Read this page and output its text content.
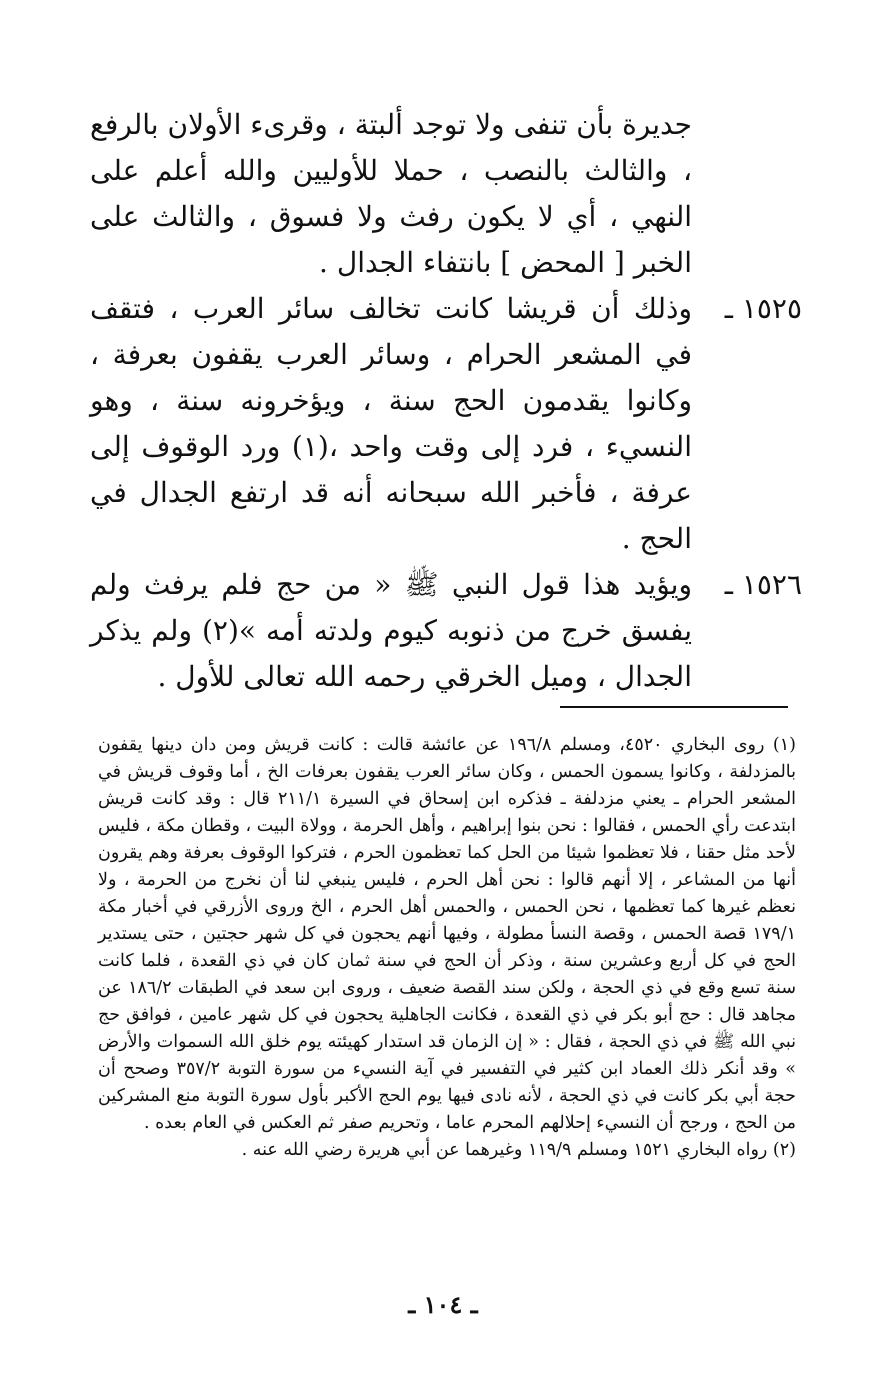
جديرة بأن تنفى ولا توجد ألبتة ، وقرىء الأولان بالرفع ، والثالث بالنصب ، حملا للأوليين والله أعلم على النهي ، أي لا يكون رفث ولا فسوق ، والثالث على الخبر [ المحض ] بانتفاء الجدال .

١٥٢٥ ـ
وذلك أن قريشا كانت تخالف سائر العرب ، فتقف في المشعر الحرام ، وسائر العرب يقفون بعرفة ، وكانوا يقدمون الحج سنة ، ويؤخرونه سنة ، وهو النسيء ، فرد إلى وقت واحد ،(١) ورد الوقوف إلى عرفة ، فأخبر الله سبحانه أنه قد ارتفع الجدال في الحج .
١٥٢٦ ـ
ويؤيد هذا قول النبي ﷺ « من حج فلم يرفث ولم يفسق خرج من ذنوبه كيوم ولدته أمه »(٢) ولم يذكر الجدال ، وميل الخرقي رحمه الله تعالى للأول .

(١) روى البخاري ٤٥٢٠، ومسلم ١٩٦/٨ عن عائشة قالت : كانت قريش ومن دان دينها يقفون بالمزدلفة ، وكانوا يسمون الحمس ، وكان سائر العرب يقفون بعرفات الخ ، أما وقوف قريش في المشعر الحرام ـ يعني مزدلفة ـ فذكره ابن إسحاق في السيرة ٢١١/١ قال : وقد كانت قريش ابتدعت رأي الحمس ، فقالوا : نحن بنوا إبراهيم ، وأهل الحرمة ، وولاة البيت ، وقطان مكة ، فليس لأحد مثل حقنا ، فلا تعظموا شيئا من الحل كما تعظمون الحرم ، فتركوا الوقوف بعرفة وهم يقرون أنها من المشاعر ، إلا أنهم قالوا : نحن أهل الحرم ، فليس ينبغي لنا أن نخرج من الحرمة ، ولا نعظم غيرها كما تعظمها ، نحن الحمس ، والحمس أهل الحرم ، الخ وروى الأزرقي في أخبار مكة ١٧٩/١ قصة الحمس ، وقصة النسأ مطولة ، وفيها أنهم يحجون في كل شهر حجتين ، حتى يستدير الحج في كل أربع وعشرين سنة ، وذكر أن الحج في سنة ثمان كان في ذي القعدة ، فلما كانت سنة تسع وقع في ذي الحجة ، ولكن سند القصة ضعيف ، وروى ابن سعد في الطبقات ١٨٦/٢ عن مجاهد قال : حج أبو بكر في ذي القعدة ، فكانت الجاهلية يحجون في كل شهر عامين ، فوافق حج نبي الله ﷺ في ذي الحجة ، فقال : « إن الزمان قد استدار كهيئته يوم خلق الله السموات والأرض » وقد أنكر ذلك العماد ابن كثير في التفسير في آية النسيء من سورة التوبة ٣٥٧/٢ وصحح أن حجة أبي بكر كانت في ذي الحجة ، لأنه نادى فيها يوم الحج الأكبر بأول سورة التوبة منع المشركين من الحج ، ورجح أن النسيء إحلالهم المحرم عاما ، وتحريم صفر ثم العكس في العام بعده .

(٢) رواه البخاري ١٥٢١ ومسلم ١١٩/٩ وغيرهما عن أبي هريرة رضي الله عنه .

ـ ١٠٤ ـ
